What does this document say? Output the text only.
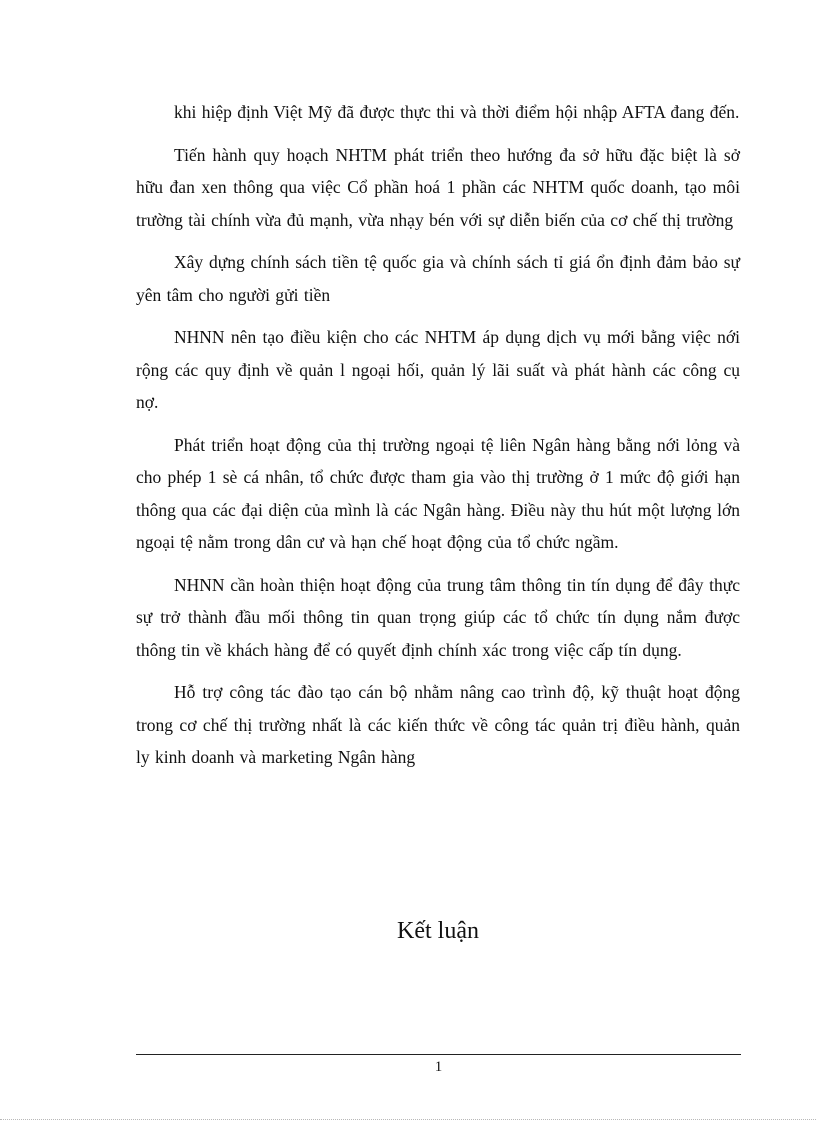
khi hiệp định Việt Mỹ đã được thực thi và thời điểm hội nhập AFTA đang đến.

Tiến hành quy hoạch NHTM phát triển theo hướng đa sở hữu đặc biệt là sở hữu đan xen thông qua việc Cổ phần hoá 1 phần các NHTM quốc doanh, tạo môi trường tài chính vừa đủ mạnh, vừa nhạy bén với sự diễn biến của cơ chế thị trường

Xây dựng chính sách tiền tệ quốc gia và chính sách tỉ giá ổn định đảm bảo sự yên tâm cho người gửi tiền

NHNN nên tạo điều kiện cho các NHTM áp dụng dịch vụ mới bằng việc nới rộng các quy định về quản l ngoại hối, quản lý lãi suất và phát hành các công cụ nợ.

Phát triển hoạt động của thị trường ngoại tệ liên Ngân hàng bằng nới lỏng và cho phép 1 sè cá nhân, tổ chức được tham gia vào thị trường ở 1 mức độ giới hạn thông qua các đại diện của mình là các Ngân hàng. Điều này thu hút một lượng lớn ngoại tệ nằm trong dân cư và hạn chế hoạt động của tổ chức ngầm.

NHNN cần hoàn thiện hoạt động của trung tâm thông tin tín dụng để đây thực sự trở thành đầu mối thông tin quan trọng giúp các tổ chức tín dụng nắm được thông tin về khách hàng để có quyết định chính xác trong việc cấp tín dụng.

Hỗ trợ công tác đào tạo cán bộ nhằm nâng cao trình độ, kỹ thuật hoạt động trong cơ chế thị trường nhất là các kiến thức về công tác quản trị điều hành, quản ly kinh doanh và marketing Ngân hàng

Kết luận
1
